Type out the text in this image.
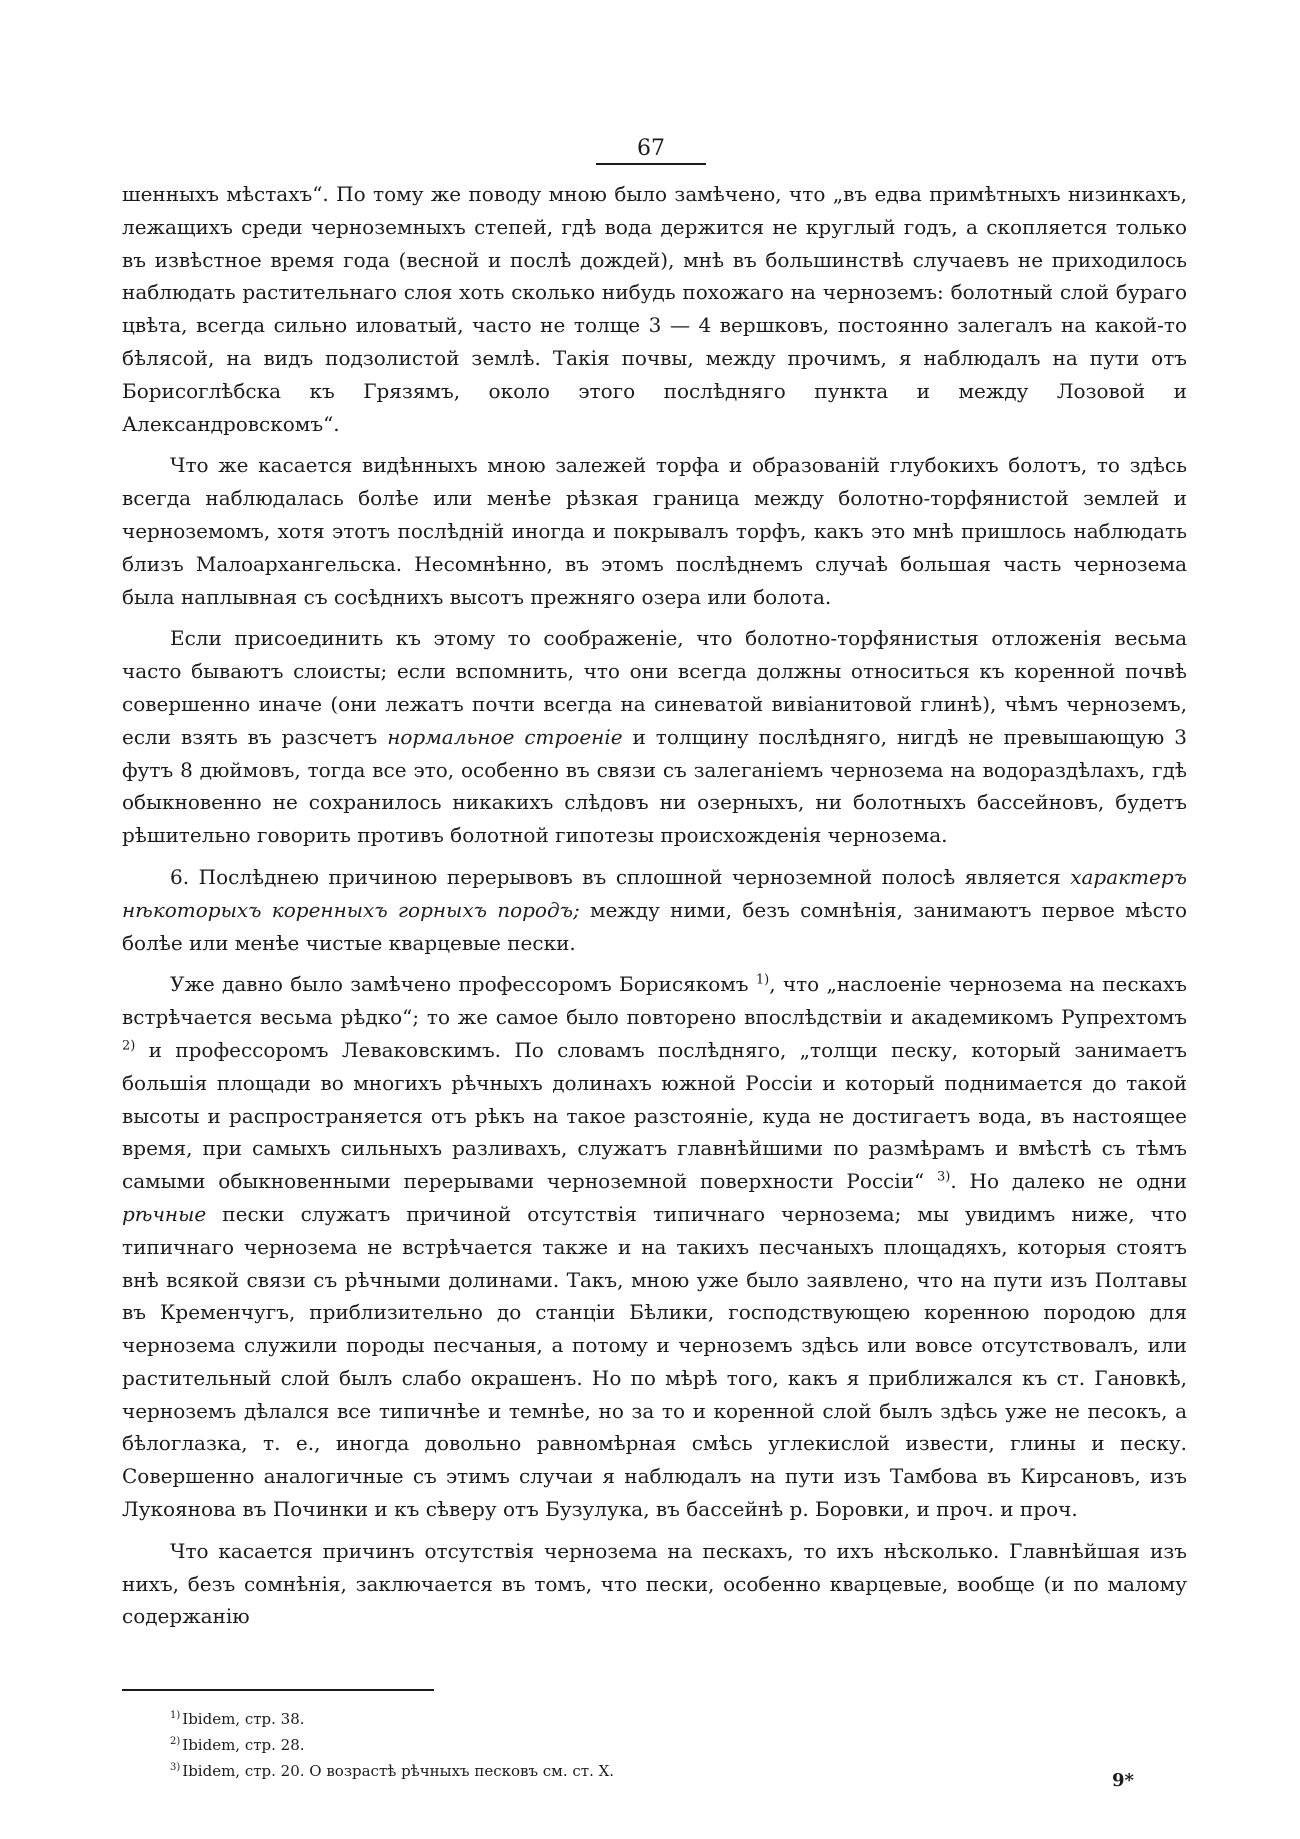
67

шенныхъ мѣстахъ“. По тому же поводу мною было замѣчено, что „въ едва примѣтныхъ низинкахъ, лежащихъ среди черноземныхъ степей, гдѣ вода держится не круглый годъ, а скопляется только въ извѣстное время года (весной и послѣ дождей), мнѣ въ большинствѣ случаевъ не приходилось наблюдать растительнаго слоя хоть сколько нибудь похожаго на черноземъ: болотный слой бураго цвѣта, всегда сильно иловатый, часто не толще 3 — 4 вершковъ, постоянно залегалъ на какой-то бѣлясой, на видъ подзолистой землѣ. Такія почвы, между прочимъ, я наблюдалъ на пути отъ Борисоглѣбска къ Грязямъ, около этого послѣдняго пункта и между Лозовой и Александровскомъ“.

Что же касается видѣнныхъ мною залежей торфа и образованій глубокихъ болотъ, то здѣсь всегда наблюдалась болѣе или менѣе рѣзкая граница между болотно-торфянистой землей и черноземомъ, хотя этотъ послѣдній иногда и покрывалъ торфъ, какъ это мнѣ пришлось наблюдать близъ Малоархангельска. Несомнѣнно, въ этомъ послѣднемъ случаѣ большая часть чернозема была наплывная съ сосѣднихъ высотъ прежняго озера или болота.

Если присоединить къ этому то соображеніе, что болотно-торфянистыя отложенія весьма часто бываютъ слоисты; если вспомнить, что они всегда должны относиться къ коренной почвѣ совершенно иначе (они лежатъ почти всегда на синеватой вивіанитовой глинѣ), чѣмъ черноземъ, если взять въ разсчетъ нормальное строеніе и толщину послѣдняго, нигдѣ не превышающую 3 футъ 8 дюймовъ, тогда все это, особенно въ связи съ залеганіемъ чернозема на водораздѣлахъ, гдѣ обыкновенно не сохранилось никакихъ слѣдовъ ни озерныхъ, ни болотныхъ бассейновъ, будетъ рѣшительно говорить противъ болотной гипотезы происхожденія чернозема.

6. Послѣднею причиною перерывовъ въ сплошной черноземной полосѣ является характеръ нѣкоторыхъ коренныхъ горныхъ породъ; между ними, безъ сомнѣнія, занимаютъ первое мѣсто болѣе или менѣе чистые кварцевые пески.

Уже давно было замѣчено профессоромъ Борисякомъ $^{1)}$, что „наслоеніе чернозема на пескахъ встрѣчается весьма рѣдко“; то же самое было повторено впослѣдствіи и академикомъ Рупрехтомъ $^{2)}$ и профессоромъ Леваковскимъ. По словамъ послѣдняго, „толщи песку, который занимаетъ большія площади во многихъ рѣчныхъ долинахъ южной Россіи и который поднимается до такой высоты и распространяется отъ рѣкъ на такое разстояніе, куда не достигаетъ вода, въ настоящее время, при самыхъ сильныхъ разливахъ, служатъ главнѣйшими по размѣрамъ и вмѣстѣ съ тѣмъ самыми обыкновенными перерывами черноземной поверхности Россіи“ $^{3)}$. Но далеко не одни рѣчные пески служатъ причиной отсутствія типичнаго чернозема; мы увидимъ ниже, что типичнаго чернозема не встрѣчается также и на такихъ песчаныхъ площадяхъ, которыя стоятъ внѣ всякой связи съ рѣчными долинами. Такъ, мною уже было заявлено, что на пути изъ Полтавы въ Кременчугъ, приблизительно до станціи Бѣлики, господствующею коренною породою для чернозема служили породы песчаныя, а потому и черноземъ здѣсь или вовсе отсутствовалъ, или растительный слой былъ слабо окрашенъ. Но по мѣрѣ того, какъ я приближался къ ст. Гановкѣ, черноземъ дѣлался все типичнѣе и темнѣе, но за то и коренной слой былъ здѣсь уже не песокъ, а бѣлоглазка, т. е., иногда довольно равномѣрная смѣсь углекислой извести, глины и песку. Совершенно аналогичные съ этимъ случаи я наблюдалъ на пути изъ Тамбова въ Кирсановъ, изъ Лукоянова въ Починки и къ сѣверу отъ Бузулука, въ бассейнѣ р. Боровки, и проч. и проч.

Что касается причинъ отсутствія чернозема на пескахъ, то ихъ нѣсколько. Главнѣйшая изъ нихъ, безъ сомнѣнія, заключается въ томъ, что пески, особенно кварцевые, вообще (и по малому содержанію

$^{1)}$ Ibidem, стр. 38.
$^{2)}$ Ibidem, стр. 28.
$^{3)}$ Ibidem, стр. 20. О возрастѣ рѣчныхъ песковъ см. ст. X.	9*
